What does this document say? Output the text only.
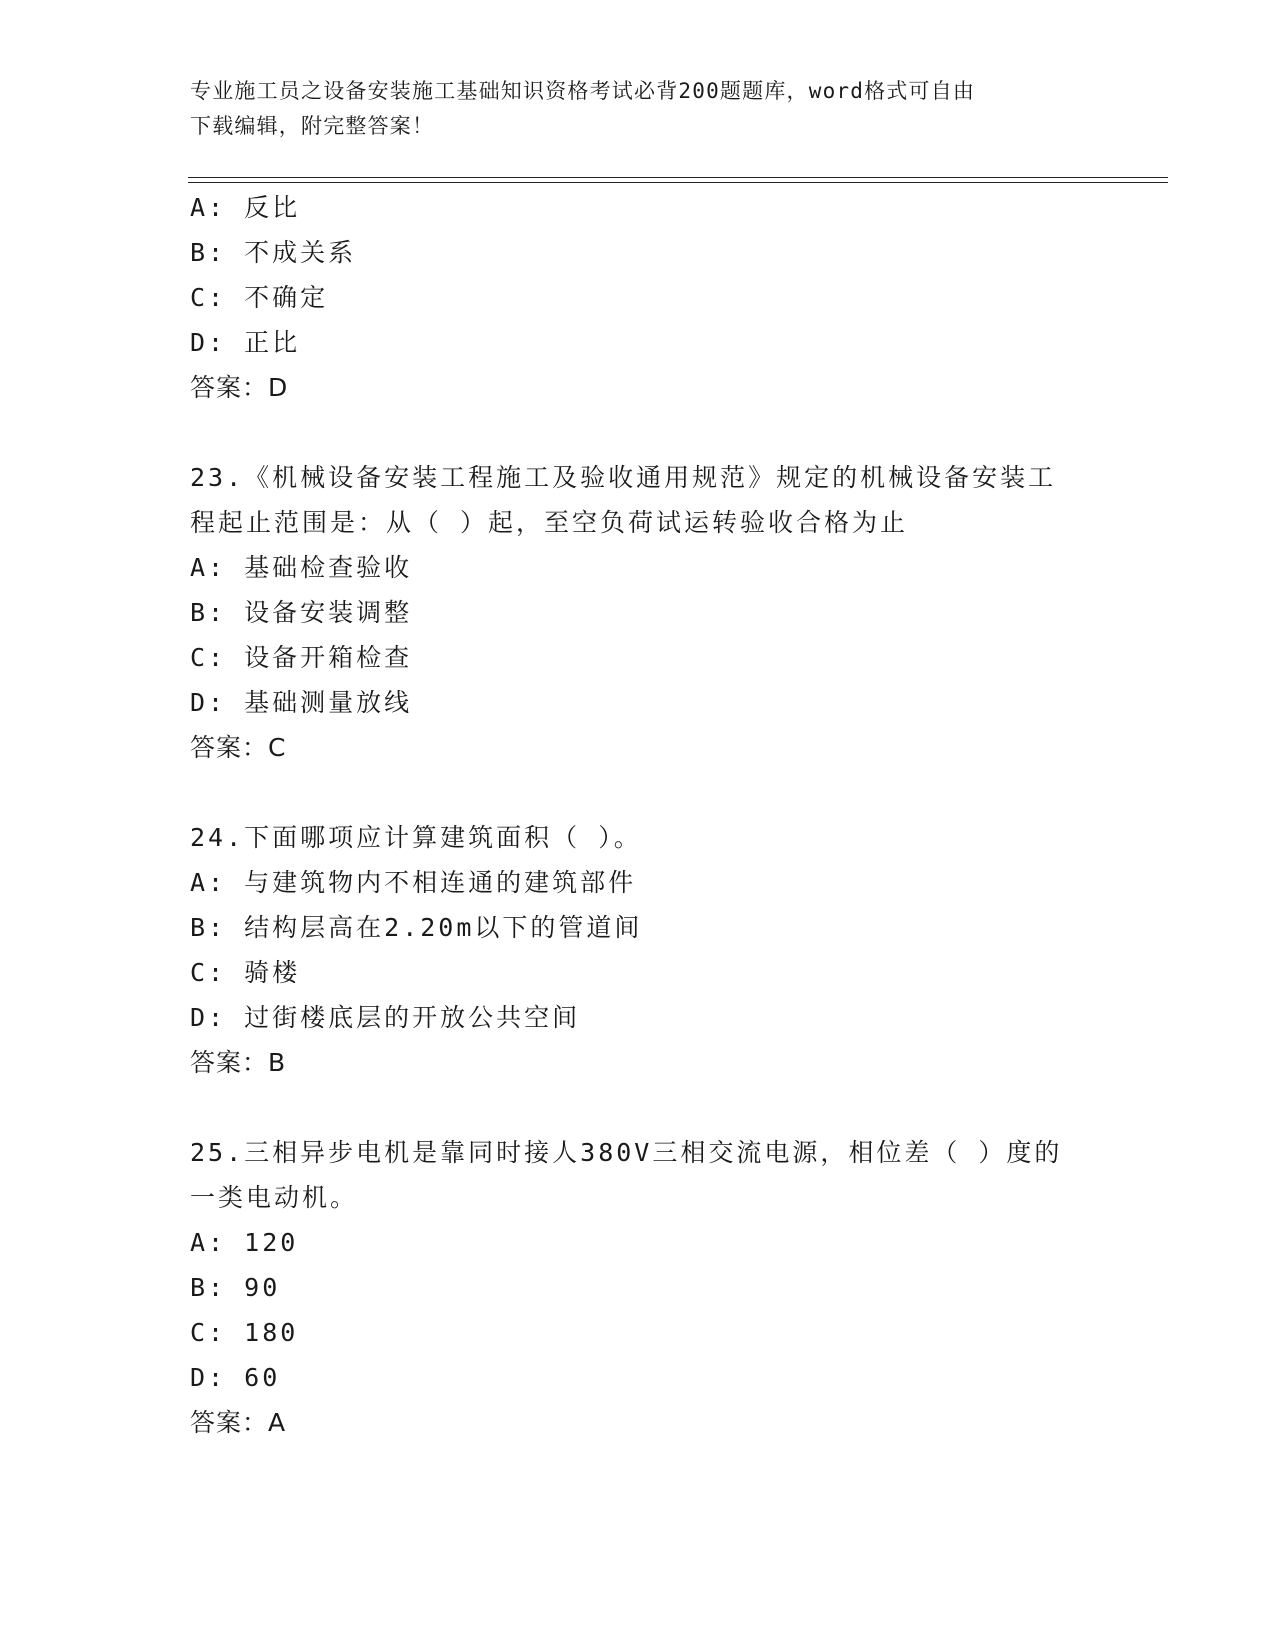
专业施工员之设备安装施工基础知识资格考试必背200题题库，word格式可自由
下载编辑，附完整答案！
A: 反比
B: 不成关系
C: 不确定
D: 正比
答案：D
23.《机械设备安装工程施工及验收通用规范》规定的机械设备安装工
程起止范围是：从（ ）起，至空负荷试运转验收合格为止
A: 基础检查验收
B: 设备安装调整
C: 设备开箱检查
D: 基础测量放线
答案：C
24.下面哪项应计算建筑面积（ ）。
A: 与建筑物内不相连通的建筑部件
B: 结构层高在2.20m以下的管道间
C: 骑楼
D: 过街楼底层的开放公共空间
答案：B
25.三相异步电机是靠同时接人380V三相交流电源，相位差（ ）度的
一类电动机。
A: 120
B: 90
C: 180
D: 60
答案：A
